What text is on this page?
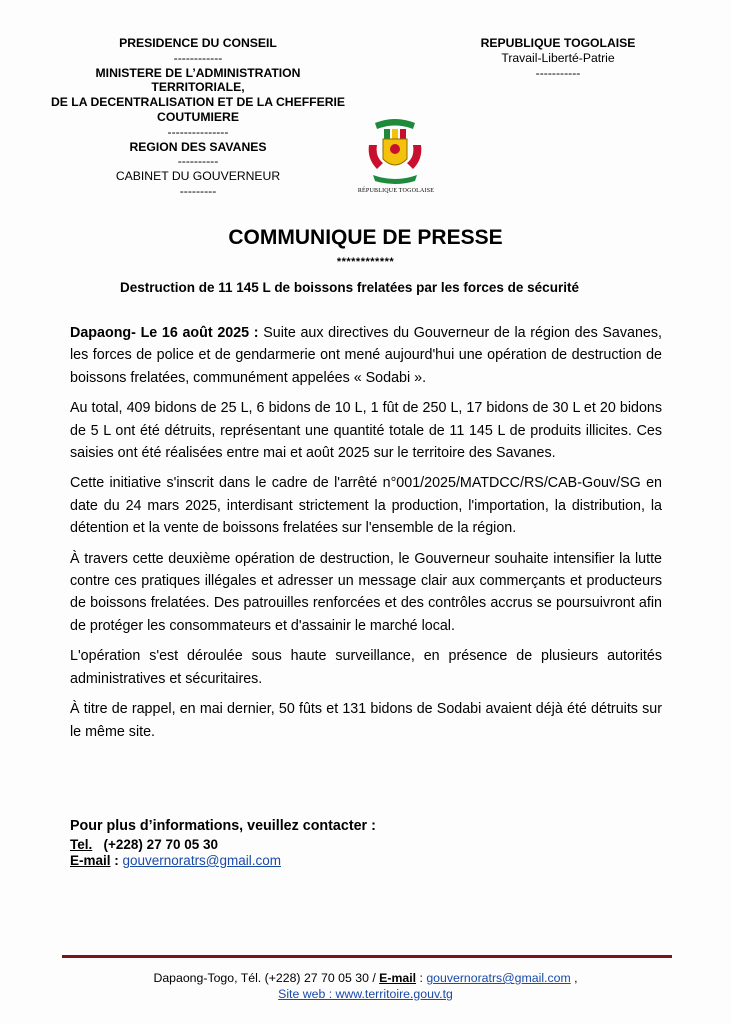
PRESIDENCE DU CONSEIL
------------
MINISTERE DE L’ADMINISTRATION TERRITORIALE,
DE LA DECENTRALISATION ET DE LA CHEFFERIE
COUTUMIERE
---------------
REGION DES SAVANES
----------
CABINET DU GOUVERNEUR
---------
REPUBLIQUE TOGOLAISE
Travail-Liberté-Patrie
-----------
RÉPUBLIQUE TOGOLAISE
COMMUNIQUE DE PRESSE
************
Destruction de 11 145 L de boissons frelatées par les forces de sécurité

Dapaong- Le 16 août 2025 : Suite aux directives du Gouverneur de la région des Savanes, les forces de police et de gendarmerie ont mené aujourd'hui une opération de destruction de boissons frelatées, communément appelées « Sodabi ».

Au total, 409 bidons de 25 L, 6 bidons de 10 L, 1 fût de 250 L, 17 bidons de 30 L et 20 bidons de 5 L ont été détruits, représentant une quantité totale de 11 145 L de produits illicites. Ces saisies ont été réalisées entre mai et août 2025 sur le territoire des Savanes.

Cette initiative s'inscrit dans le cadre de l'arrêté n°001/2025/MATDCC/RS/CAB-Gouv/SG en date du 24 mars 2025, interdisant strictement la production, l'importation, la distribution, la détention et la vente de boissons frelatées sur l'ensemble de la région.

À travers cette deuxième opération de destruction, le Gouverneur souhaite intensifier la lutte contre ces pratiques illégales et adresser un message clair aux commerçants et producteurs de boissons frelatées. Des patrouilles renforcées et des contrôles accrus se poursuivront afin de protéger les consommateurs et d'assainir le marché local.

L'opération s'est déroulée sous haute surveillance, en présence de plusieurs autorités administratives et sécuritaires.

À titre de rappel, en mai dernier, 50 fûts et 131 bidons de Sodabi avaient déjà été détruits sur le même site.

Pour plus d’informations, veuillez contacter :
Tel. (+228) 27 70 05 30
E-mail : gouvernoratrs@gmail.com
Dapaong-Togo, Tél. (+228) 27 70 05 30 / E-mail : gouvernoratrs@gmail.com ,
Site web : www.territoire.gouv.tg
